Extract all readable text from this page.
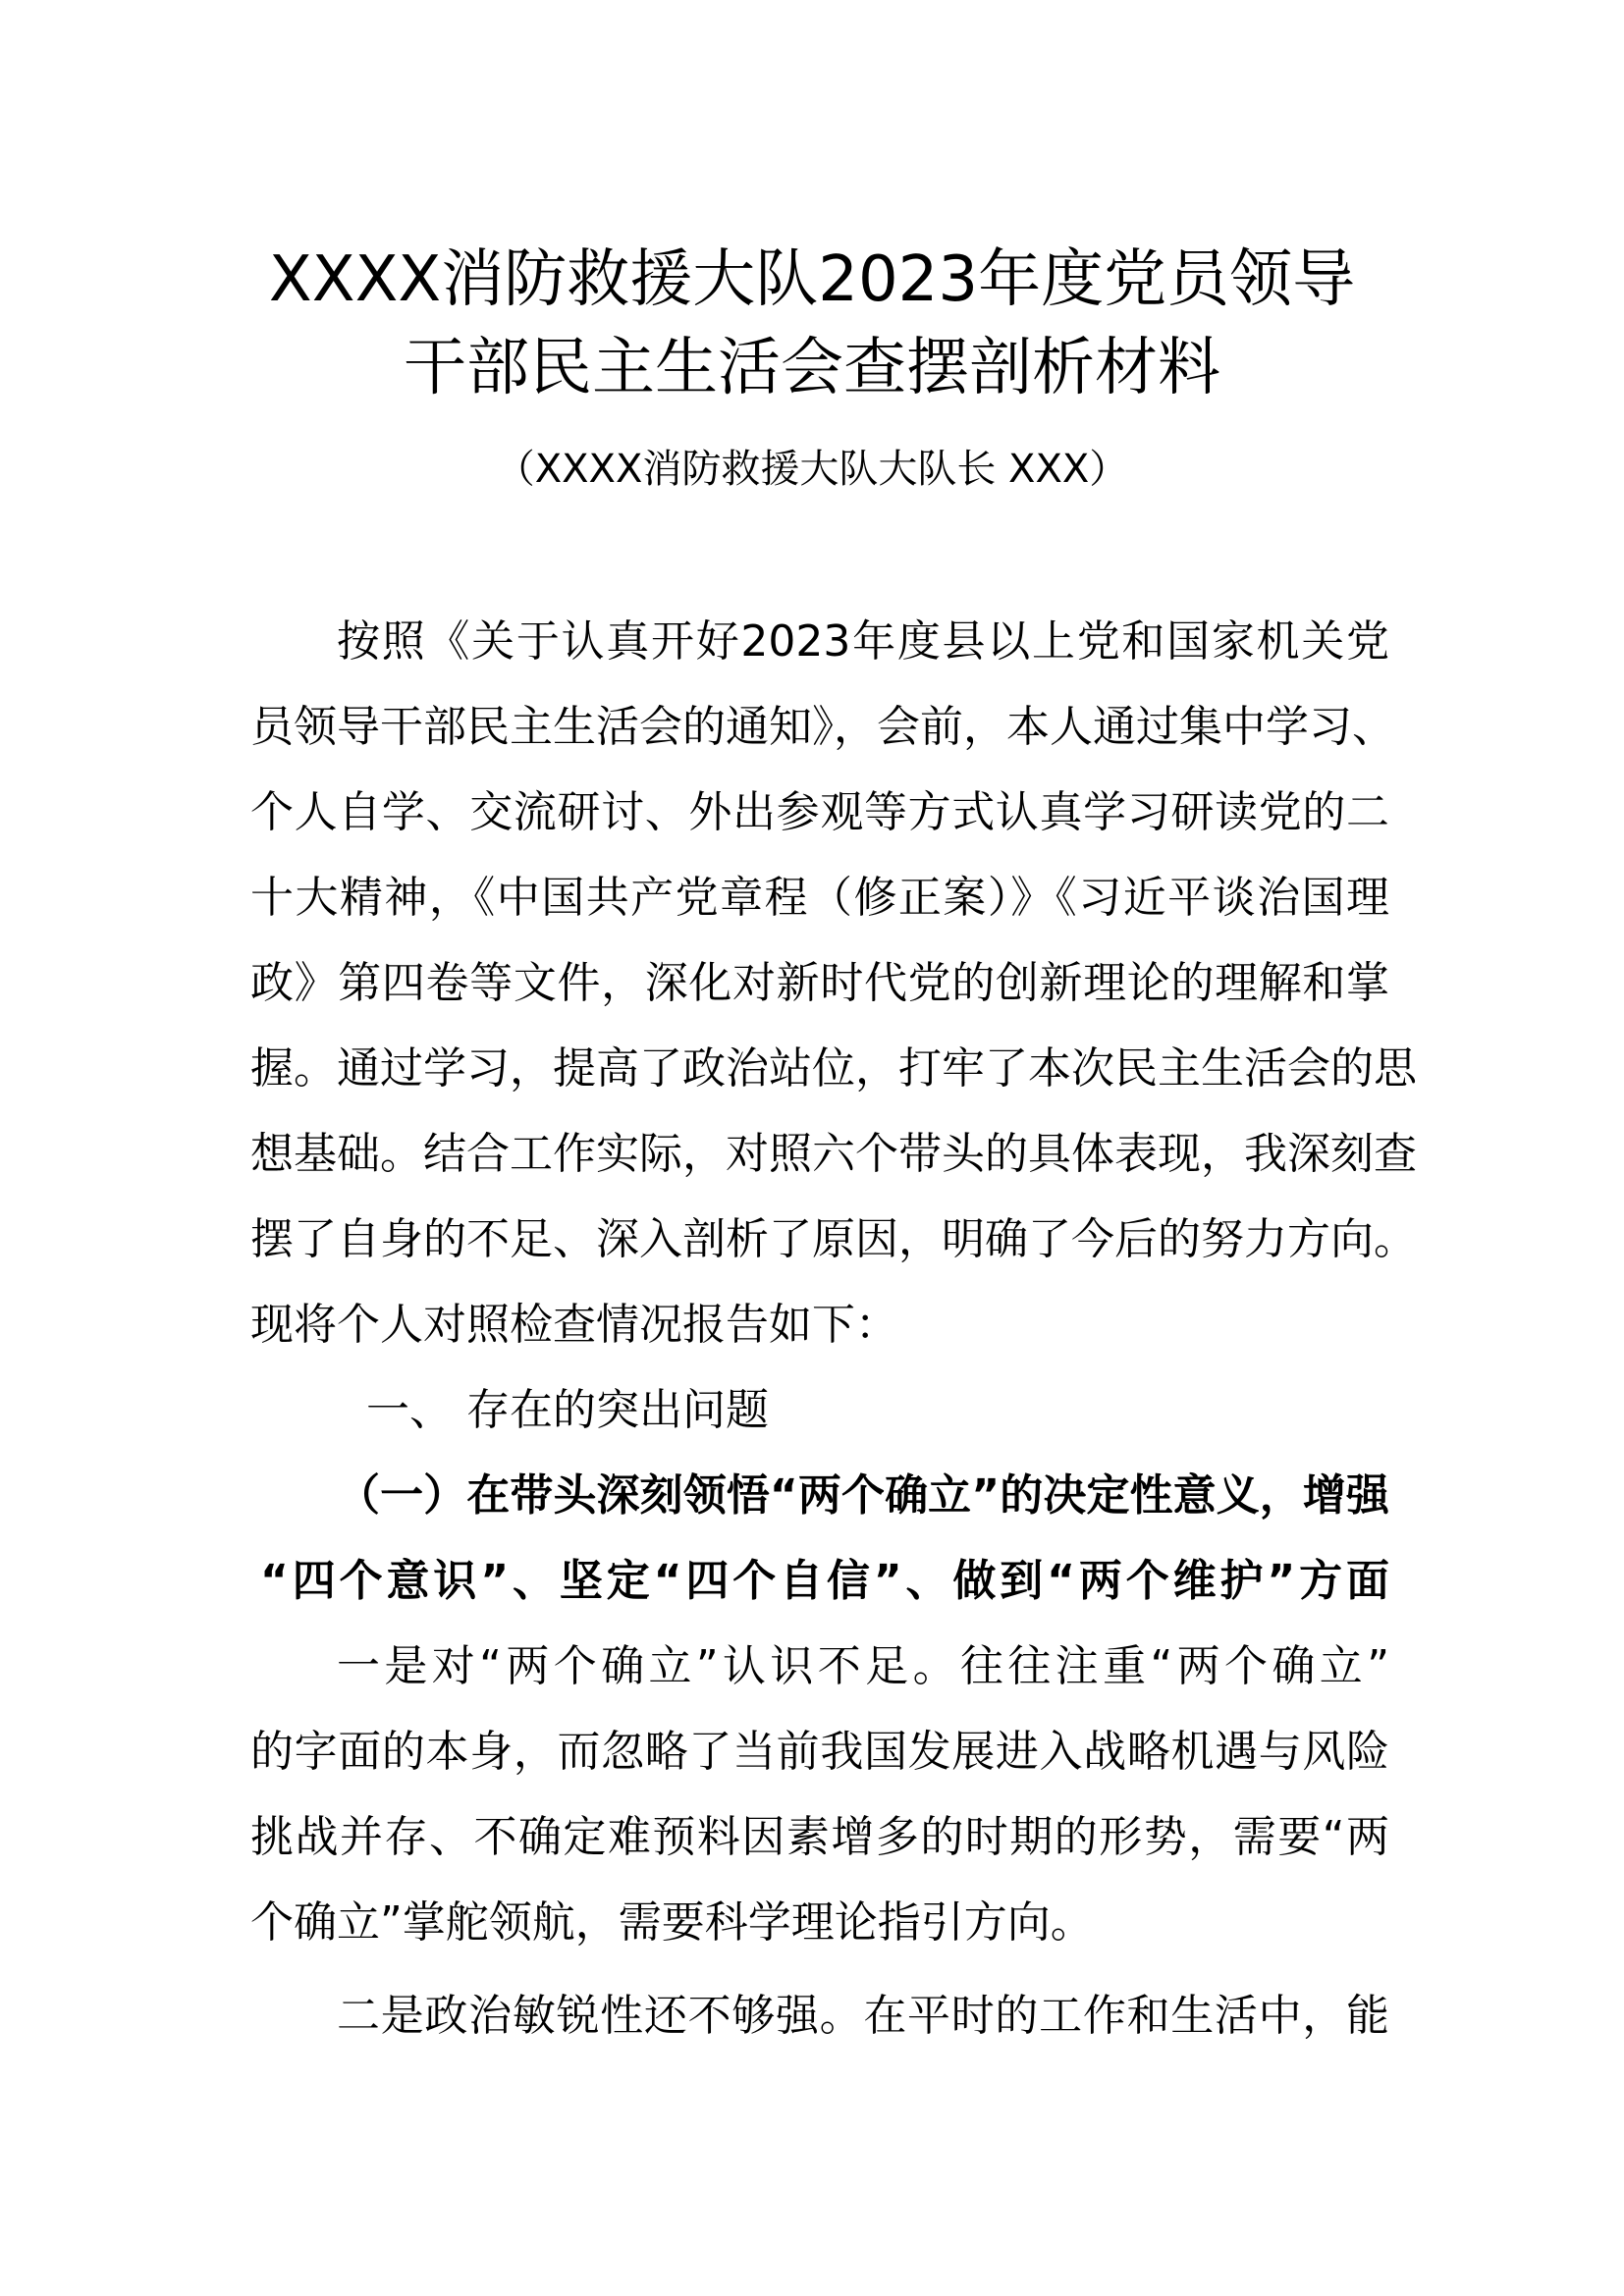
XXXX消防救援大队2023年度党员领导
干部民主生活会查摆剖析材料
（XXXX消防救援大队大队长 XXX）
按照《关于认真开好2023年度县以上党和国家机关党
员领导干部民主生活会的通知》，会前，本人通过集中学习、
个人自学、交流研讨、外出参观等方式认真学习研读党的二
十大精神，《中国共产党章程（修正案）》《习近平谈治国理
政》第四卷等文件，深化对新时代党的创新理论的理解和掌
握。通过学习，提高了政治站位，打牢了本次民主生活会的思
想基础。结合工作实际，对照六个带头的具体表现，我深刻查
摆了自身的不足、深入剖析了原因，明确了今后的努力方向。
现将个人对照检查情况报告如下：
一、 存在的突出问题
（一）在带头深刻领悟“两个确立”的决定性意义，增强
“四个意识”、坚定“四个自信”、做到“两个维护”方面
一是对“两个确立”认识不足。往往注重“两个确立”
的字面的本身，而忽略了当前我国发展进入战略机遇与风险
挑战并存、不确定难预料因素增多的时期的形势，需要“两
个确立”掌舵领航，需要科学理论指引方向。
二是政治敏锐性还不够强。在平时的工作和生活中，能
